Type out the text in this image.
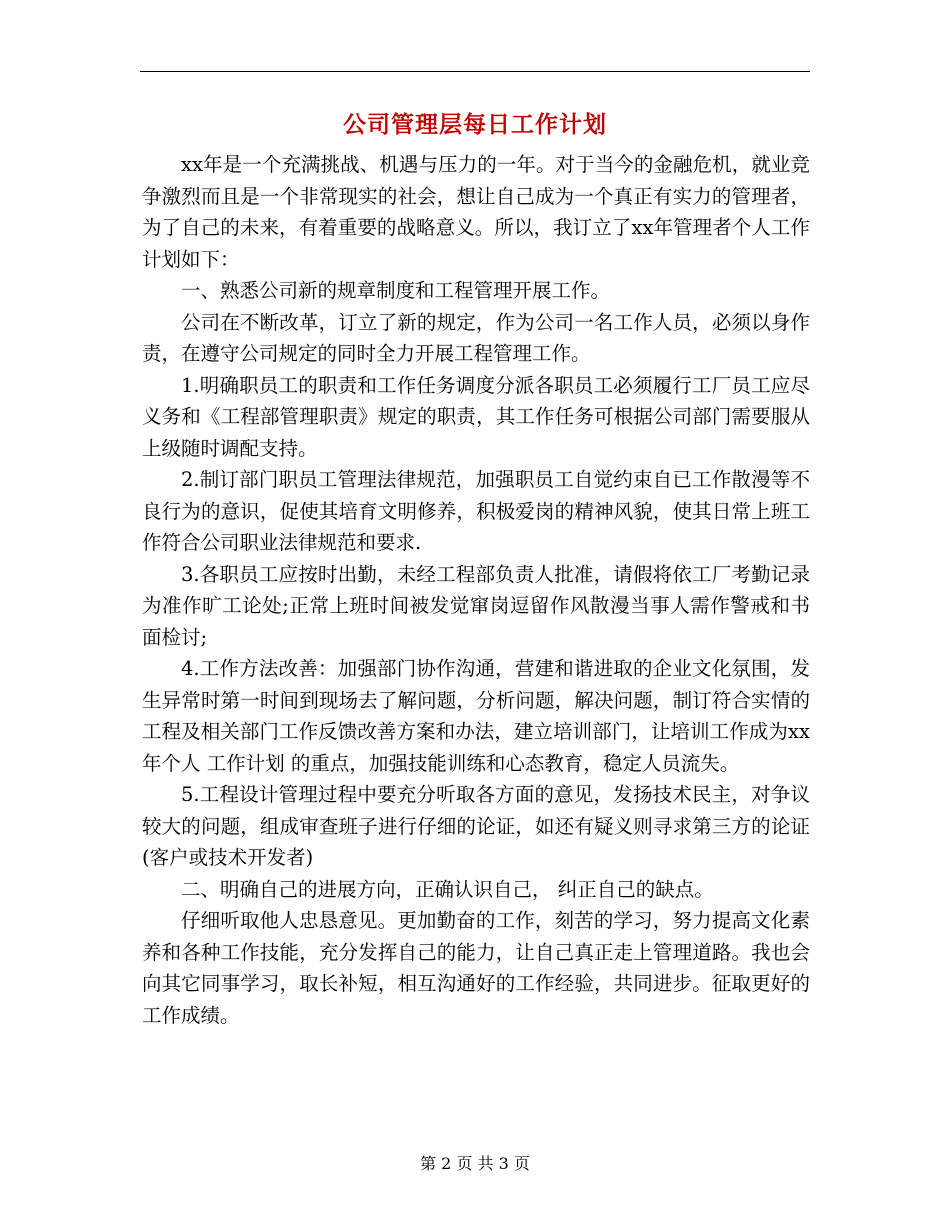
公司管理层每日工作计划

xx年是一个充满挑战、机遇与压力的一年。对于当今的金融危机，就业竞争激烈而且是一个非常现实的社会，想让自己成为一个真正有实力的管理者，为了自己的未来，有着重要的战略意义。所以，我订立了xx年管理者个人工作计划如下：

一、熟悉公司新的规章制度和工程管理开展工作。

公司在不断改革，订立了新的规定，作为公司一名工作人员，必须以身作责，在遵守公司规定的同时全力开展工程管理工作。

1.明确职员工的职责和工作任务调度分派各职员工必须履行工厂员工应尽义务和《工程部管理职责》规定的职责，其工作任务可根据公司部门需要服从上级随时调配支持。

2.制订部门职员工管理法律规范，加强职员工自觉约束自已工作散漫等不良行为的意识，促使其培育文明修养，积极爱岗的精神风貌，使其日常上班工作符合公司职业法律规范和要求.

3.各职员工应按时出勤，未经工程部负责人批准，请假将依工厂考勤记录为准作旷工论处;正常上班时间被发觉窜岗逗留作风散漫当事人需作警戒和书面检讨;

4.工作方法改善：加强部门协作沟通，营建和谐进取的企业文化氛围，发生异常时第一时间到现场去了解问题，分析问题，解决问题，制订符合实情的工程及相关部门工作反馈改善方案和办法，建立培训部门，让培训工作成为xx年个人 工作计划 的重点，加强技能训练和心态教育，稳定人员流失。

5.工程设计管理过程中要充分听取各方面的意见，发扬技术民主，对争议较大的问题，组成审查班子进行仔细的论证，如还有疑义则寻求第三方的论证(客户或技术开发者)

二、明确自己的进展方向，正确认识自己， 纠正自己的缺点。

仔细听取他人忠恳意见。更加勤奋的工作，刻苦的学习，努力提高文化素养和各种工作技能，充分发挥自己的能力，让自己真正走上管理道路。我也会向其它同事学习，取长补短，相互沟通好的工作经验，共同进步。征取更好的工作成绩。

第 2 页 共 3 页
